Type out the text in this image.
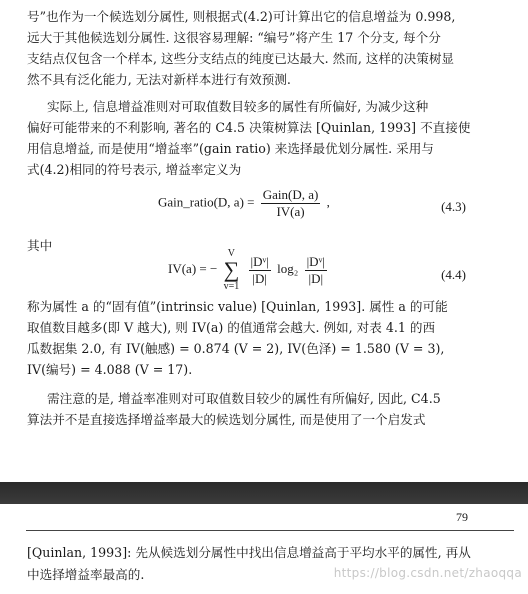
号”也作为一个候选划分属性, 则根据式(4.2)可计算出它的信息增益为 0.998,
远大于其他候选划分属性. 这很容易理解: “编号”将产生 17 个分支, 每个分
支结点仅包含一个样本, 这些分支结点的纯度已达最大. 然而, 这样的决策树显
然不具有泛化能力, 无法对新样本进行有效预测.
实际上, 信息增益准则对可取值数目较多的属性有所偏好, 为减少这种
偏好可能带来的不利影响, 著名的 C4.5 决策树算法 [Quinlan, 1993] 不直接使
用信息增益, 而是使用“增益率”(gain ratio) 来选择最优划分属性. 采用与
式(4.2)相同的符号表示, 增益率定义为
Gain_ratio(D, $a) = \frac{\text{Gain(D, a)}}{IV(a)}$ ,	(4.3)
其中
IV(a) = − V
∑
$v=1 \frac{\text{|Dᵛ|}}{|D|} \log_2 \frac{\text{|Dᵛ|}}{|D|}$	(4.4)
称为属性 a 的“固有值”(intrinsic value) [Quinlan, 1993]. 属性 a 的可能
取值数目越多(即 V 越大), 则 IV(a) 的值通常会越大. 例如, 对表 4.1 的西
瓜数据集 2.0, 有 IV(触感) = 0.874 (V = 2), IV(色泽) = 1.580 (V = 3),
IV(编号) = 4.088 (V = 17).
需注意的是, 增益率准则对可取值数目较少的属性有所偏好, 因此, C4.5
算法并不是直接选择增益率最大的候选划分属性, 而是使用了一个启发式
79
[Quinlan, 1993]: 先从候选划分属性中找出信息增益高于平均水平的属性, 再从
中选择增益率最高的.	https://blog.csdn.net/zhaoqqa
